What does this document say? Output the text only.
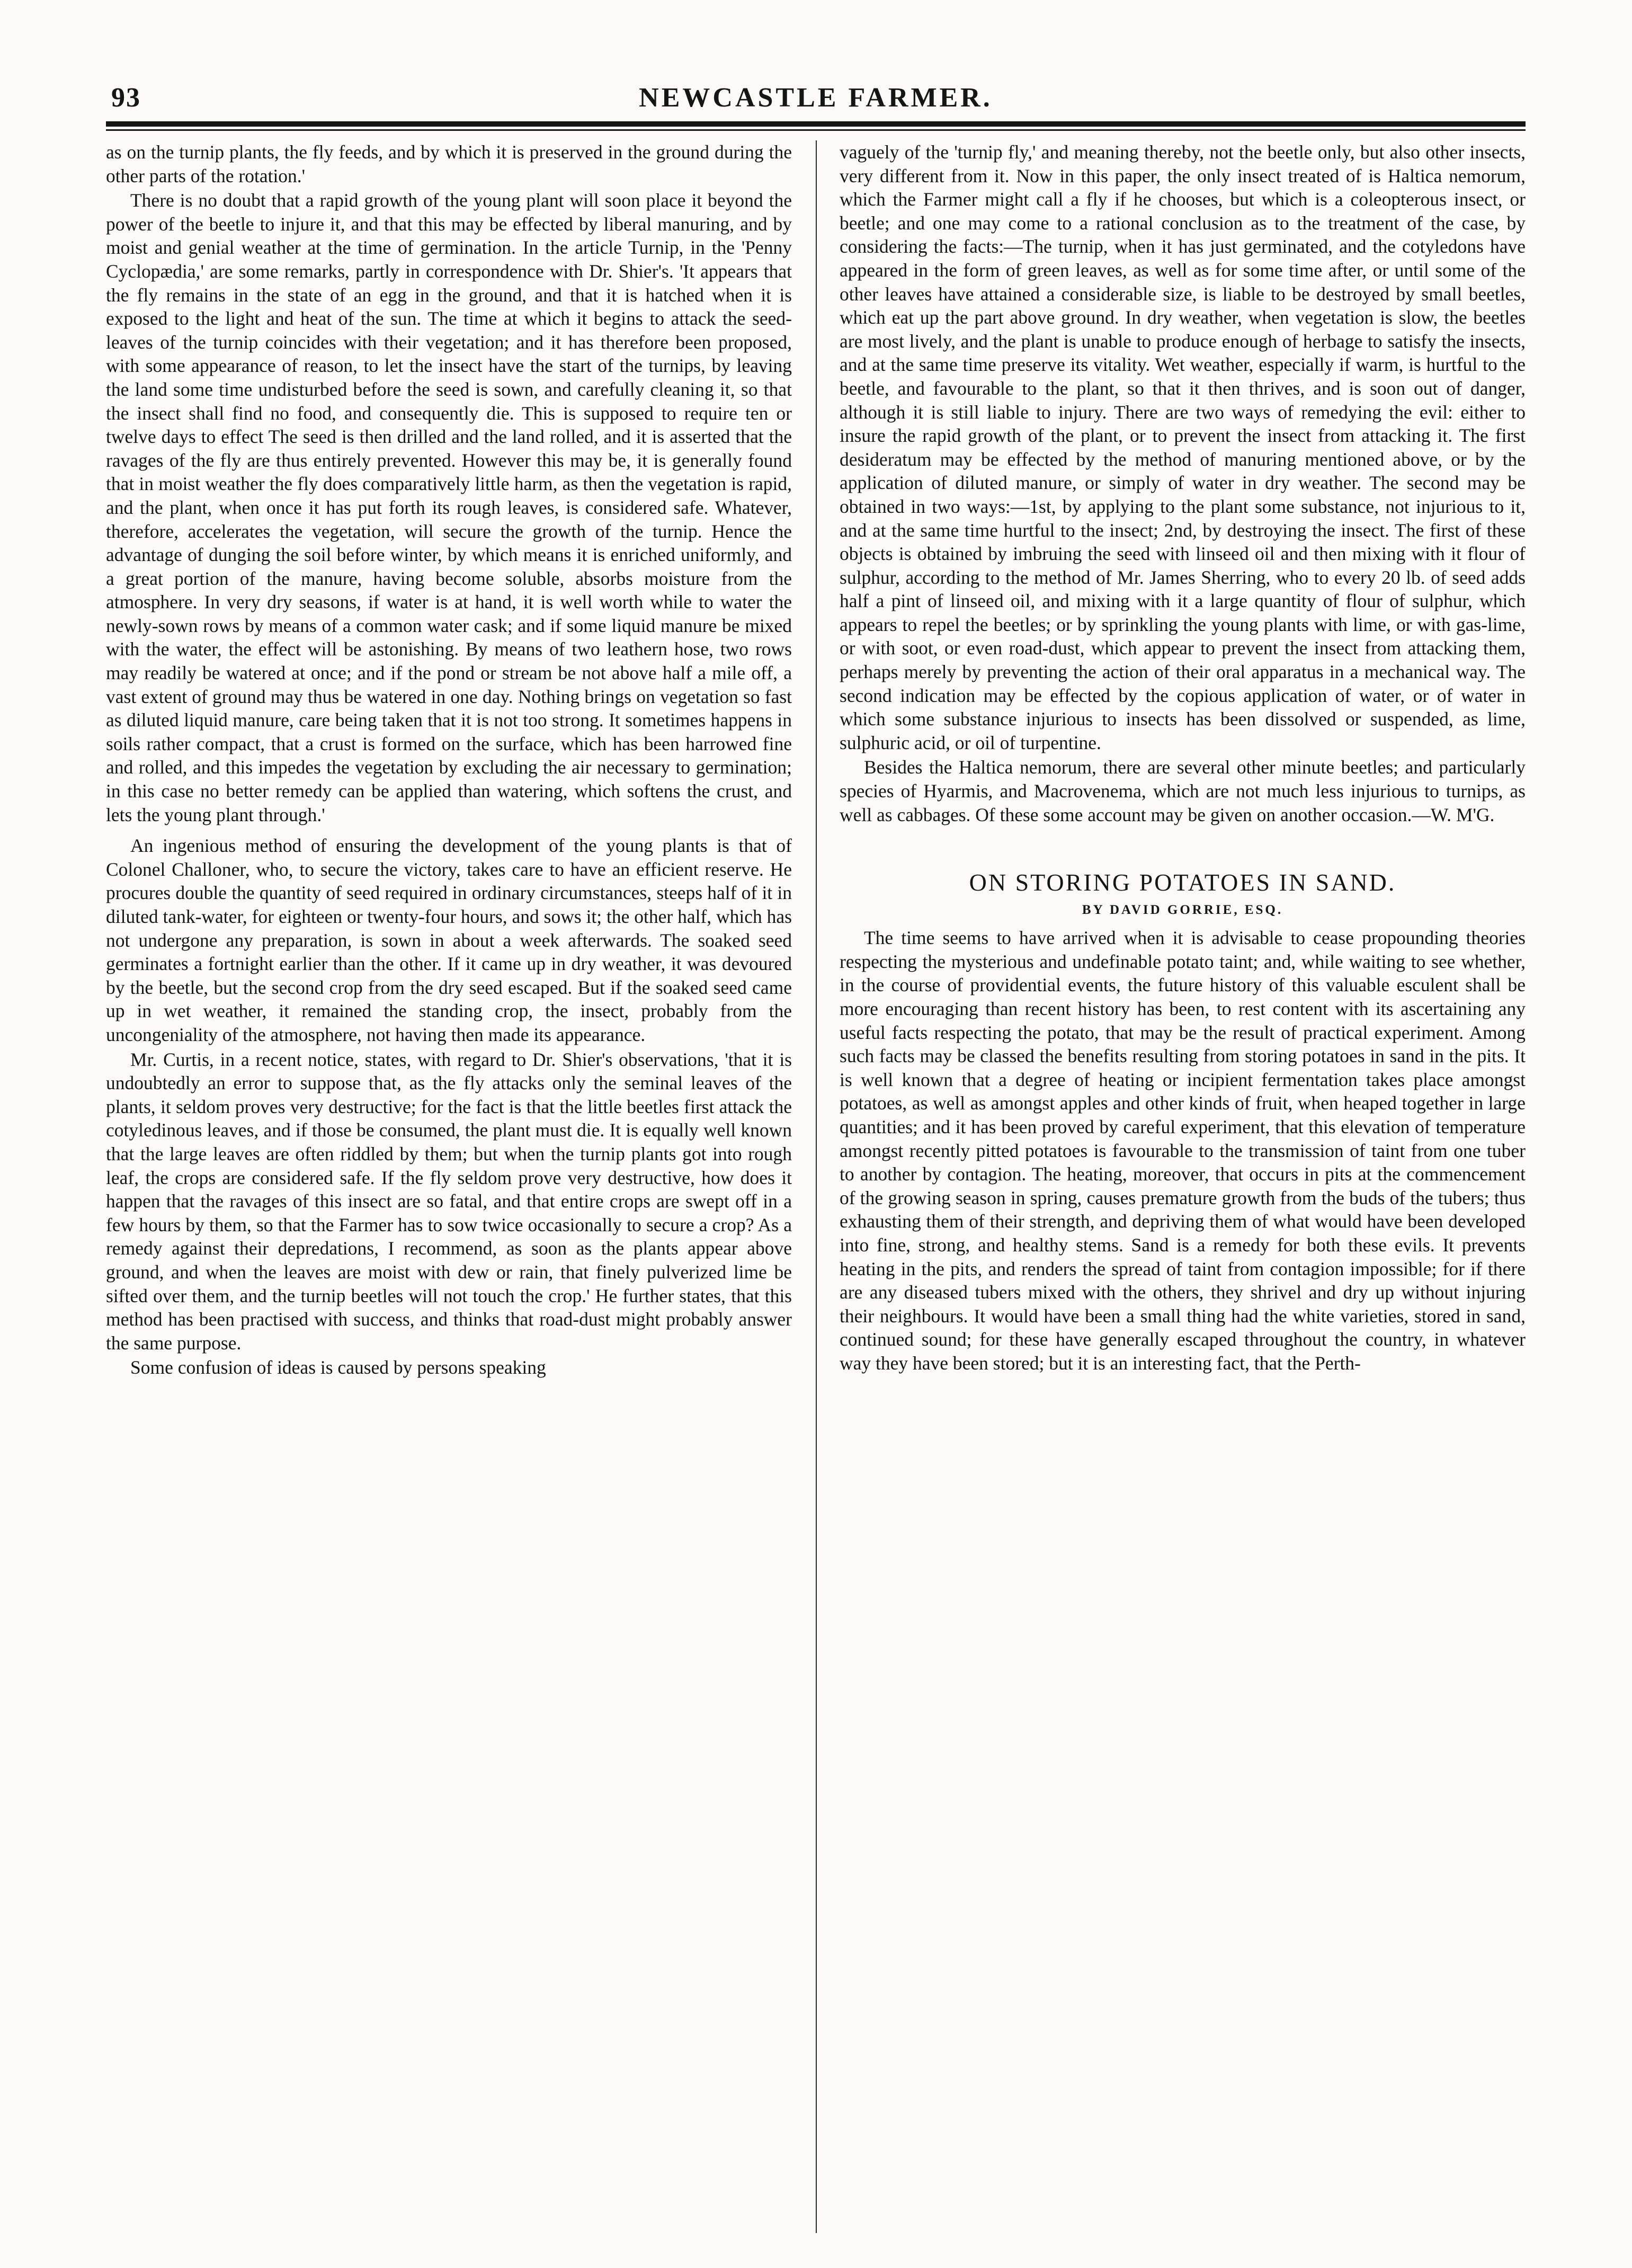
93	NEWCASTLE FARMER.

as on the turnip plants, the fly feeds, and by which it is preserved in the ground during the other parts of the rotation.'

There is no doubt that a rapid growth of the young plant will soon place it beyond the power of the beetle to injure it, and that this may be effected by liberal manuring, and by moist and genial weather at the time of germination. In the article Turnip, in the 'Penny Cyclopædia,' are some remarks, partly in correspondence with Dr. Shier's. 'It appears that the fly remains in the state of an egg in the ground, and that it is hatched when it is exposed to the light and heat of the sun. The time at which it begins to attack the seed-leaves of the turnip coincides with their vegetation; and it has therefore been proposed, with some appearance of reason, to let the insect have the start of the turnips, by leaving the land some time undisturbed before the seed is sown, and carefully cleaning it, so that the insect shall find no food, and consequently die. This is supposed to require ten or twelve days to effect The seed is then drilled and the land rolled, and it is asserted that the ravages of the fly are thus entirely prevented. However this may be, it is generally found that in moist weather the fly does comparatively little harm, as then the vegetation is rapid, and the plant, when once it has put forth its rough leaves, is considered safe. Whatever, therefore, accelerates the vegetation, will secure the growth of the turnip. Hence the advantage of dunging the soil before winter, by which means it is enriched uniformly, and a great portion of the manure, having become soluble, absorbs moisture from the atmosphere. In very dry seasons, if water is at hand, it is well worth while to water the newly-sown rows by means of a common water cask; and if some liquid manure be mixed with the water, the effect will be astonishing. By means of two leathern hose, two rows may readily be watered at once; and if the pond or stream be not above half a mile off, a vast extent of ground may thus be watered in one day. Nothing brings on vegetation so fast as diluted liquid manure, care being taken that it is not too strong. It sometimes happens in soils rather compact, that a crust is formed on the surface, which has been harrowed fine and rolled, and this impedes the vegetation by excluding the air necessary to germination; in this case no better remedy can be applied than watering, which softens the crust, and lets the young plant through.'

An ingenious method of ensuring the development of the young plants is that of Colonel Challoner, who, to secure the victory, takes care to have an efficient reserve. He procures double the quantity of seed required in ordinary circumstances, steeps half of it in diluted tank-water, for eighteen or twenty-four hours, and sows it; the other half, which has not undergone any preparation, is sown in about a week afterwards. The soaked seed germinates a fortnight earlier than the other. If it came up in dry weather, it was devoured by the beetle, but the second crop from the dry seed escaped. But if the soaked seed came up in wet weather, it remained the standing crop, the insect, probably from the uncongeniality of the atmosphere, not having then made its appearance.

Mr. Curtis, in a recent notice, states, with regard to Dr. Shier's observations, 'that it is undoubtedly an error to suppose that, as the fly attacks only the seminal leaves of the plants, it seldom proves very destructive; for the fact is that the little beetles first attack the cotyledinous leaves, and if those be consumed, the plant must die. It is equally well known that the large leaves are often riddled by them; but when the turnip plants got into rough leaf, the crops are considered safe. If the fly seldom prove very destructive, how does it happen that the ravages of this insect are so fatal, and that entire crops are swept off in a few hours by them, so that the Farmer has to sow twice occasionally to secure a crop? As a remedy against their depredations, I recommend, as soon as the plants appear above ground, and when the leaves are moist with dew or rain, that finely pulverized lime be sifted over them, and the turnip beetles will not touch the crop.' He further states, that this method has been practised with success, and thinks that road-dust might probably answer the same purpose.

Some confusion of ideas is caused by persons speaking

vaguely of the 'turnip fly,' and meaning thereby, not the beetle only, but also other insects, very different from it. Now in this paper, the only insect treated of is Haltica nemorum, which the Farmer might call a fly if he chooses, but which is a coleopterous insect, or beetle; and one may come to a rational conclusion as to the treatment of the case, by considering the facts:—The turnip, when it has just germinated, and the cotyledons have appeared in the form of green leaves, as well as for some time after, or until some of the other leaves have attained a considerable size, is liable to be destroyed by small beetles, which eat up the part above ground. In dry weather, when vegetation is slow, the beetles are most lively, and the plant is unable to produce enough of herbage to satisfy the insects, and at the same time preserve its vitality. Wet weather, especially if warm, is hurtful to the beetle, and favourable to the plant, so that it then thrives, and is soon out of danger, although it is still liable to injury. There are two ways of remedying the evil: either to insure the rapid growth of the plant, or to prevent the insect from attacking it. The first desideratum may be effected by the method of manuring mentioned above, or by the application of diluted manure, or simply of water in dry weather. The second may be obtained in two ways:—1st, by applying to the plant some substance, not injurious to it, and at the same time hurtful to the insect; 2nd, by destroying the insect. The first of these objects is obtained by imbruing the seed with linseed oil and then mixing with it flour of sulphur, according to the method of Mr. James Sherring, who to every 20 lb. of seed adds half a pint of linseed oil, and mixing with it a large quantity of flour of sulphur, which appears to repel the beetles; or by sprinkling the young plants with lime, or with gas-lime, or with soot, or even road-dust, which appear to prevent the insect from attacking them, perhaps merely by preventing the action of their oral apparatus in a mechanical way. The second indication may be effected by the copious application of water, or of water in which some substance injurious to insects has been dissolved or suspended, as lime, sulphuric acid, or oil of turpentine.

Besides the Haltica nemorum, there are several other minute beetles; and particularly species of Hyarmis, and Macrovenema, which are not much less injurious to turnips, as well as cabbages. Of these some account may be given on another occasion.—W. M'G.

ON STORING POTATOES IN SAND.
BY DAVID GORRIE, ESQ.

The time seems to have arrived when it is advisable to cease propounding theories respecting the mysterious and undefinable potato taint; and, while waiting to see whether, in the course of providential events, the future history of this valuable esculent shall be more encouraging than recent history has been, to rest content with its ascertaining any useful facts respecting the potato, that may be the result of practical experiment. Among such facts may be classed the benefits resulting from storing potatoes in sand in the pits. It is well known that a degree of heating or incipient fermentation takes place amongst potatoes, as well as amongst apples and other kinds of fruit, when heaped together in large quantities; and it has been proved by careful experiment, that this elevation of temperature amongst recently pitted potatoes is favourable to the transmission of taint from one tuber to another by contagion. The heating, moreover, that occurs in pits at the commencement of the growing season in spring, causes premature growth from the buds of the tubers; thus exhausting them of their strength, and depriving them of what would have been developed into fine, strong, and healthy stems. Sand is a remedy for both these evils. It prevents heating in the pits, and renders the spread of taint from contagion impossible; for if there are any diseased tubers mixed with the others, they shrivel and dry up without injuring their neighbours. It would have been a small thing had the white varieties, stored in sand, continued sound; for these have generally escaped throughout the country, in whatever way they have been stored; but it is an interesting fact, that the Perth-
